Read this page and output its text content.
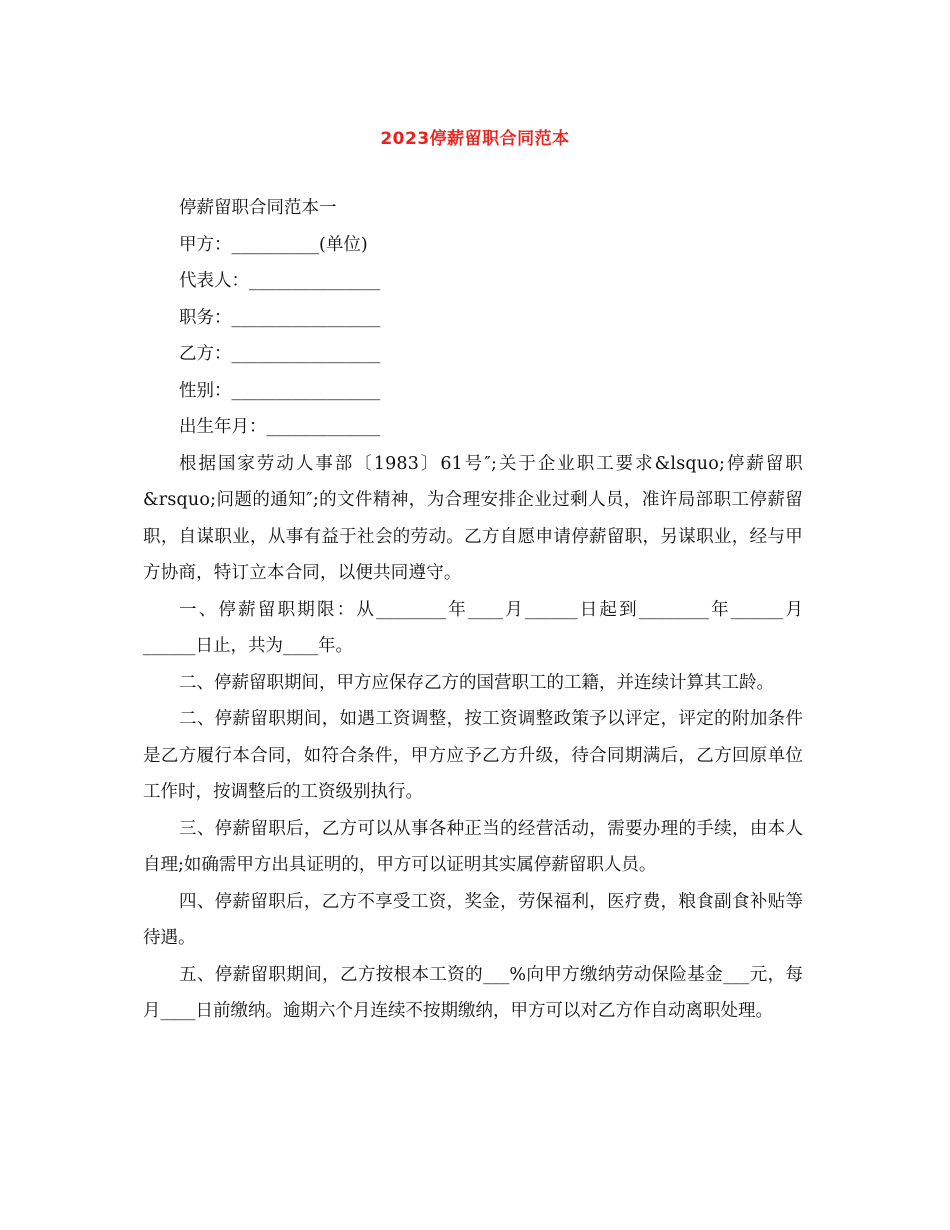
2023停薪留职合同范本

停薪留职合同范本一

甲方：__________(单位)

代表人：_______________

职务：_________________

乙方：_________________

性别：_________________

出生年月：_____________

根据国家劳动人事部〔1983〕61号″;关于企业职工要求&lsquo;停薪留职&rsquo;问题的通知″;的文件精神，为合理安排企业过剩人员，准许局部职工停薪留职，自谋职业，从事有益于社会的劳动。乙方自愿申请停薪留职，另谋职业，经与甲方协商，特订立本合同，以便共同遵守。

一、停薪留职期限：从________年____月______日起到________年______月______日止，共为____年。

二、停薪留职期间，甲方应保存乙方的国营职工的工籍，并连续计算其工龄。

二、停薪留职期间，如遇工资调整，按工资调整政策予以评定，评定的附加条件是乙方履行本合同，如符合条件，甲方应予乙方升级，待合同期满后，乙方回原单位工作时，按调整后的工资级别执行。

三、停薪留职后，乙方可以从事各种正当的经营活动，需要办理的手续，由本人自理;如确需甲方出具证明的，甲方可以证明其实属停薪留职人员。

四、停薪留职后，乙方不享受工资，奖金，劳保福利，医疗费，粮食副食补贴等待遇。

五、停薪留职期间，乙方按根本工资的___%向甲方缴纳劳动保险基金___元，每月____日前缴纳。逾期六个月连续不按期缴纳，甲方可以对乙方作自动离职处理。
